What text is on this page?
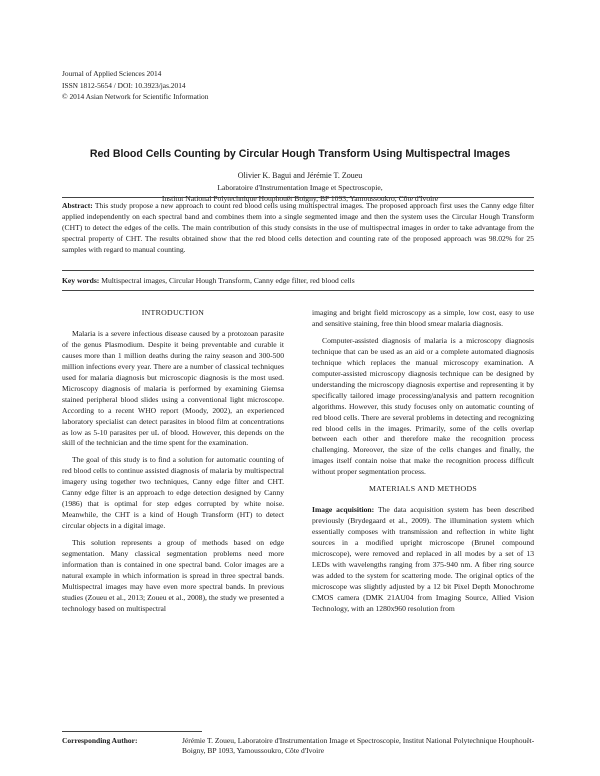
Journal of Applied Sciences 2014
ISSN 1812-5654 / DOI: 10.3923/jas.2014
© 2014 Asian Network for Scientific Information
Red Blood Cells Counting by Circular Hough Transform Using Multispectral Images
Olivier K. Bagui and Jérémie T. Zoueu
Laboratoire d'Instrumentation Image et Spectroscopie,
Institut National Polytechnique Houphouët Boigny, BP 1093, Yamoussoukro, Côte d'Ivoire
Abstract: This study propose a new approach to count red blood cells using multispectral images. The proposed approach first uses the Canny edge filter applied independently on each spectral band and combines them into a single segmented image and then the system uses the Circular Hough Transform (CHT) to detect the edges of the cells. The main contribution of this study consists in the use of multispectral images in order to take advantage from the spectral property of CHT. The results obtained show that the red blood cells detection and counting rate of the proposed approach was 98.02% for 25 samples with regard to manual counting.
Key words: Multispectral images, Circular Hough Transform, Canny edge filter, red blood cells
INTRODUCTION

Malaria is a severe infectious disease caused by a protozoan parasite of the genus Plasmodium. Despite it being preventable and curable it causes more than 1 million deaths during the rainy season and 300-500 million infections every year. There are a number of classical techniques used for malaria diagnosis but microscopic diagnosis is the most used. Microscopy diagnosis of malaria is performed by examining Giemsa stained peripheral blood slides using a conventional light microscope. According to a recent WHO report (Moody, 2002), an experienced laboratory specialist can detect parasites in blood film at concentrations as low as 5-10 parasites per uL of blood. However, this depends on the skill of the technician and the time spent for the examination.

The goal of this study is to find a solution for automatic counting of red blood cells to continue assisted diagnosis of malaria by multispectral imagery using together two techniques, Canny edge filter and CHT. Canny edge filter is an approach to edge detection designed by Canny (1986) that is optimal for step edges corrupted by white noise. Meanwhile, the CHT is a kind of Hough Transform (HT) to detect circular objects in a digital image.

This solution represents a group of methods based on edge segmentation. Many classical segmentation problems need more information than is contained in one spectral band. Color images are a natural example in which information is spread in three spectral bands. Multispectral images may have even more spectral bands. In previous studies (Zoueu et al., 2013; Zoueu et al., 2008), the study we presented a technology based on multispectral

imaging and bright field microscopy as a simple, low cost, easy to use and sensitive staining, free thin blood smear malaria diagnosis.

Computer-assisted diagnosis of malaria is a microscopy diagnosis technique that can be used as an aid or a complete automated diagnosis technique which replaces the manual microscopy examination. A computer-assisted microscopy diagnosis technique can be designed by understanding the microscopy diagnosis expertise and representing it by specifically tailored image processing/analysis and pattern recognition algorithms. However, this study focuses only on automatic counting of red blood cells. There are several problems in detecting and recognizing red blood cells in the images. Primarily, some of the cells overlap between each other and therefore make the recognition process challenging. Moreover, the size of the cells changes and finally, the images itself contain noise that make the recognition process difficult without proper segmentation process.

MATERIALS AND METHODS

Image acquisition: The data acquisition system has been described previously (Brydegaard et al., 2009). The illumination system which essentially composes with transmission and reflection in white light sources in a modified upright microscope (Brunel compound microscope), were removed and replaced in all modes by a set of 13 LEDs with wavelengths ranging from 375-940 nm. A fiber ring source was added to the system for scattering mode. The original optics of the microscope was slightly adjusted by a 12 bit Pixel Depth Monochrome CMOS camera (DMK 21AU04 from Imaging Source, Allied Vision Technology, with an 1280x960 resolution from

Corresponding Author:	Jérémie T. Zoueu, Laboratoire d'Instrumentation Image et Spectroscopie, Institut National Polytechnique Houphouët-Boigny, BP 1093, Yamoussoukro, Côte d'Ivoire
